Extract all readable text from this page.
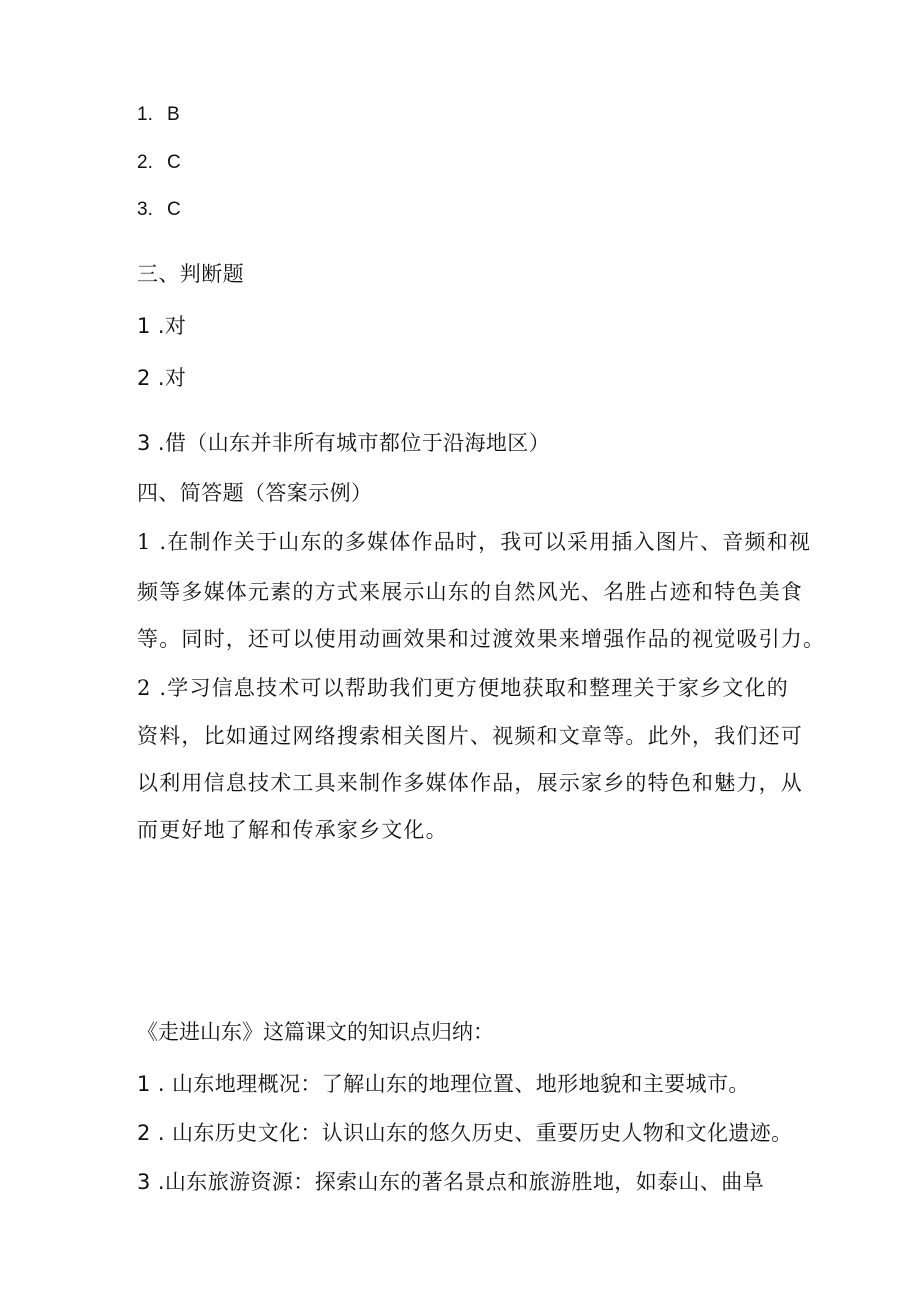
1. B
2. C
3. C
三、判断题
1 .对
2 .对
3 .借（山东并非所有城市都位于沿海地区）
四、简答题（答案示例）
1 .在制作关于山东的多媒体作品时，我可以采用插入图片、音频和视
频等多媒体元素的方式来展示山东的自然风光、名胜占迹和特色美食
等。同时，还可以使用动画效果和过渡效果来增强作品的视觉吸引力。
2 .学习信息技术可以帮助我们更方便地获取和整理关于家乡文化的
资料，比如通过网络搜索相关图片、视频和文章等。此外，我们还可
以利用信息技术工具来制作多媒体作品，展示家乡的特色和魅力，从
而更好地了解和传承家乡文化。
《走进山东》这篇课文的知识点归纳：
1 . 山东地理概况：了解山东的地理位置、地形地貌和主要城市。
2 . 山东历史文化：认识山东的悠久历史、重要历史人物和文化遗迹。
3 .山东旅游资源：探索山东的著名景点和旅游胜地，如泰山、曲阜
